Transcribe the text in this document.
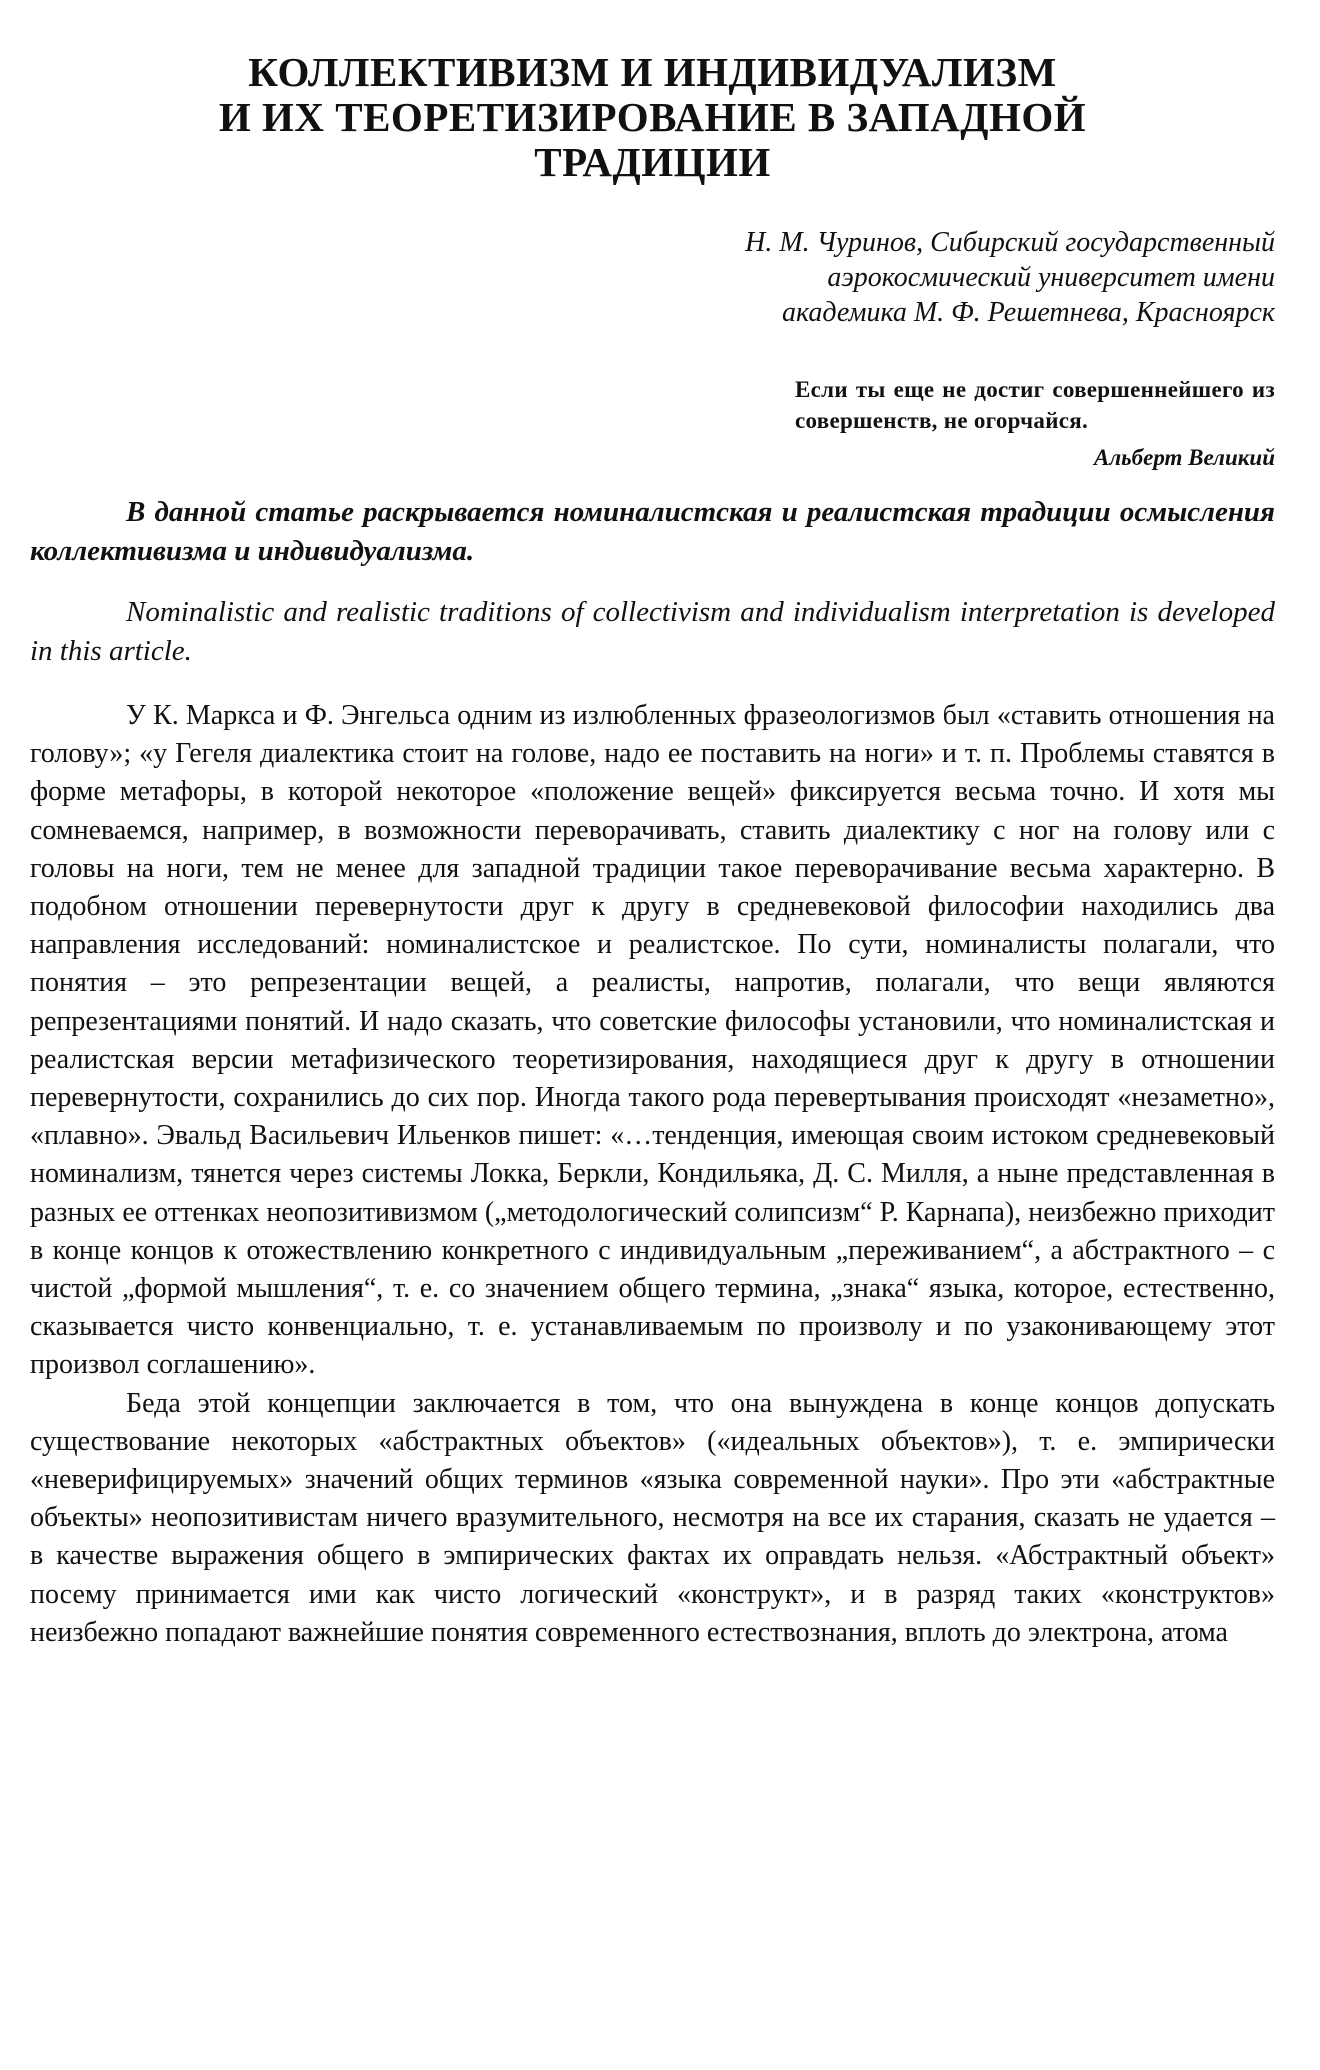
КОЛЛЕКТИВИЗМ И ИНДИВИДУАЛИЗМ
И ИХ ТЕОРЕТИЗИРОВАНИЕ В ЗАПАДНОЙ
ТРАДИЦИИ
Н. М. Чуринов, Сибирский государственный
аэрокосмический университет имени
академика М. Ф. Решетнева, Красноярск
Если ты еще не достиг совершеннейшего из совершенств, не огорчайся.
Альберт Великий

В данной статье раскрывается номиналистская и реалистская традиции осмысления коллективизма и индивидуализма.

Nominalistic and realistic traditions of collectivism and individualism interpretation is developed in this article.

У К. Маркса и Ф. Энгельса одним из излюбленных фразеологизмов был «ставить отношения на голову»; «у Гегеля диалектика стоит на голове, надо ее поставить на ноги» и т. п. Проблемы ставятся в форме метафоры, в которой некоторое «положение вещей» фиксируется весьма точно. И хотя мы сомневаемся, например, в возможности переворачивать, ставить диалектику с ног на голову или с головы на ноги, тем не менее для западной традиции такое переворачивание весьма характерно. В подобном отношении перевернутости друг к другу в средневековой философии находились два направления исследований: номиналистское и реалистское. По сути, номиналисты полагали, что понятия – это репрезентации вещей, а реалисты, напротив, полагали, что вещи являются репрезентациями понятий. И надо сказать, что советские философы установили, что номиналистская и реалистская версии метафизического теоретизирования, находящиеся друг к другу в отношении перевернутости, сохранились до сих пор. Иногда такого рода перевертывания происходят «незаметно», «плавно». Эвальд Васильевич Ильенков пишет: «…тенденция, имеющая своим истоком средневековый номинализм, тянется через системы Локка, Беркли, Кондильяка, Д. С. Милля, а ныне представленная в разных ее оттенках неопозитивизмом („методологический солипсизм“ Р. Карнапа), неизбежно приходит в конце концов к отожествлению конкретного с индивидуальным „переживанием“, а абстрактного – с чистой „формой мышления“, т. е. со значением общего термина, „знака“ языка, которое, естественно, сказывается чисто конвенциально, т. е. устанавливаемым по произволу и по узаконивающему этот произвол соглашению».

Беда этой концепции заключается в том, что она вынуждена в конце концов допускать существование некоторых «абстрактных объектов» («идеальных объектов»), т. е. эмпирически «неверифицируемых» значений общих терминов «языка современной науки». Про эти «абстрактные объекты» неопозитивистам ничего вразумительного, несмотря на все их старания, сказать не удается – в качестве выражения общего в эмпирических фактах их оправдать нельзя. «Абстрактный объект» посему принимается ими как чисто логический «конструкт», и в разряд таких «конструктов» неизбежно попадают важнейшие понятия современного естествознания, вплоть до электрона, атома
